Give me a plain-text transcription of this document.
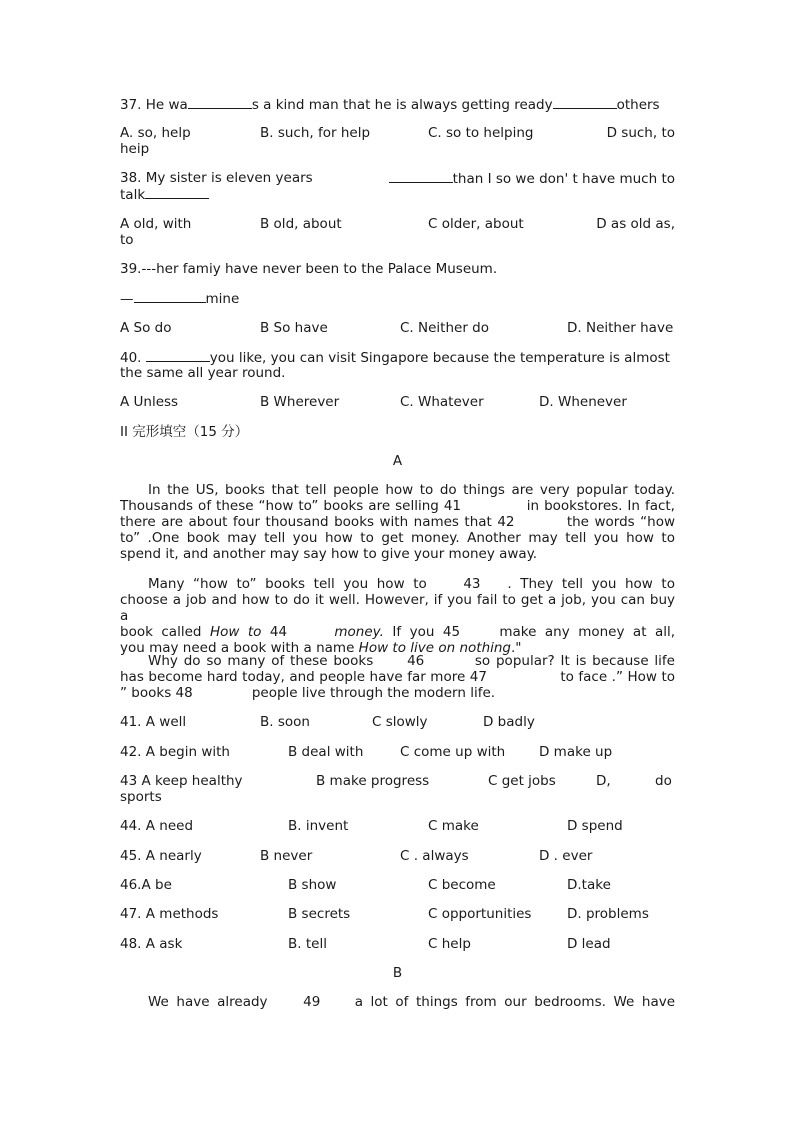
37. He wa	s a kind man that he is always getting ready	others
A. so, help	B. such, for help	C. so to helping	D such, to
heip
38. My sister is eleven years	than I so we don' t have much to
talk
A old, with	B old, about	C older, about	D as old as,
to
39.---her famiy have never been to the Palace Museum.
—	mine
A So do	B So have	C. Neither do	D. Neither have
40.	you like, you can visit Singapore because the temperature is almost
the same all year round.
A Unless	B Wherever	C. Whatever	D. Whenever
II 完形填空（15 分）
A

In the US, books that tell people how to do things are very popular today.

Thousands of these “how to” books are selling 41	in bookstores. In fact,

there are about four thousand books with names that 42	the words “how

to” .One book may tell you how to get money. Another may tell you how to

spend it, and another may say how to give your money away.

Many “how to” books tell you how to	43 . They tell you how to

choose a job and how to do it well. However, if you fail to get a job, you can buy a

book called How to 44	money. If you 45	make any money at all,

you may need a book with a name How to live on nothing."

Why do so many of these books	46	so popular? It is because life

has become hard today, and people have far more 47	to face .” How to

” books 48	people live through the modern life.

41. A well	B. soon	C slowly	D badly
42. A begin with	B deal with	C come up with	D make up
43 A keep healthy	B make progress	C get jobs	D,	do
sports
44. A need	B. invent	C make	D spend
45. A nearly	B never	C . always	D . ever
46.A be	B show	C become	D.take
47. A methods	B secrets	C opportunities	D. problems
48. A ask	B. tell	C help	D lead
B

We have already	49	a lot of things from our bedrooms. We have
